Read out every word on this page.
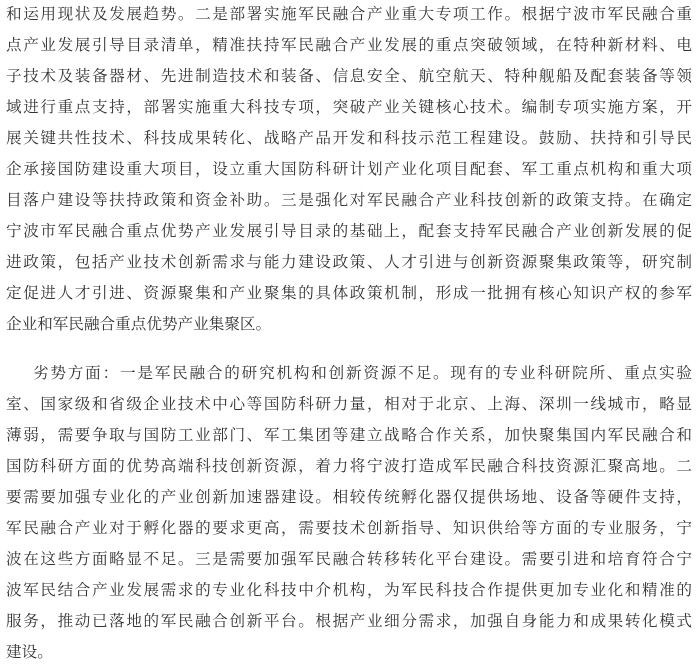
和运用现状及发展趋势。二是部署实施军民融合产业重大专项工作。根据宁波市军民融合重
点产业发展引导目录清单，精准扶持军民融合产业发展的重点突破领域，在特种新材料、电
子技术及装备器材、先进制造技术和装备、信息安全、航空航天、特种舰船及配套装备等领
域进行重点支持，部署实施重大科技专项，突破产业关键核心技术。编制专项实施方案，开
展关键共性技术、科技成果转化、战略产品开发和科技示范工程建设。鼓励、扶持和引导民
企承接国防建设重大项目，设立重大国防科研计划产业化项目配套、军工重点机构和重大项
目落户建设等扶持政策和资金补助。三是强化对军民融合产业科技创新的政策支持。在确定
宁波市军民融合重点优势产业发展引导目录的基础上，配套支持军民融合产业创新发展的促
进政策，包括产业技术创新需求与能力建设政策、人才引进与创新资源聚集政策等，研究制
定促进人才引进、资源聚集和产业聚集的具体政策机制，形成一批拥有核心知识产权的参军
企业和军民融合重点优势产业集聚区。
劣势方面：一是军民融合的研究机构和创新资源不足。现有的专业科研院所、重点实验
室、国家级和省级企业技术中心等国防科研力量，相对于北京、上海、深圳一线城市，略显
薄弱，需要争取与国防工业部门、军工集团等建立战略合作关系，加快聚集国内军民融合和
国防科研方面的优势高端科技创新资源，着力将宁波打造成军民融合科技资源汇聚高地。二
要需要加强专业化的产业创新加速器建设。相较传统孵化器仅提供场地、设备等硬件支持，
军民融合产业对于孵化器的要求更高，需要技术创新指导、知识供给等方面的专业服务，宁
波在这些方面略显不足。三是需要加强军民融合转移转化平台建设。需要引进和培育符合宁
波军民结合产业发展需求的专业化科技中介机构，为军民科技合作提供更加专业化和精准的
服务，推动已落地的军民融合创新平台。根据产业细分需求，加强自身能力和成果转化模式
建设。
